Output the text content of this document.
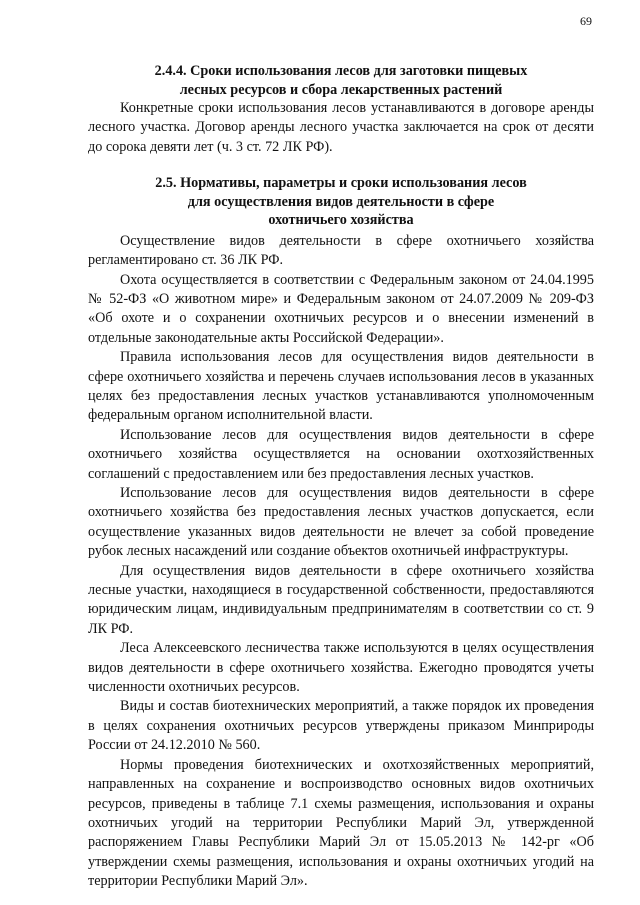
69
2.4.4. Сроки использования лесов для заготовки пищевых
лесных ресурсов и сбора лекарственных растений

Конкретные сроки использования лесов устанавливаются в договоре аренды лесного участка. Договор аренды лесного участка заключается на срок от десяти до сорока девяти лет (ч. 3 ст. 72 ЛК РФ).

2.5. Нормативы, параметры и сроки использования лесов
для осуществления видов деятельности в сфере
охотничьего хозяйства

Осуществление видов деятельности в сфере охотничьего хозяйства регламентировано ст. 36 ЛК РФ.

Охота осуществляется в соответствии с Федеральным законом от 24.04.1995 № 52-ФЗ «О животном мире» и Федеральным законом от 24.07.2009 № 209-ФЗ «Об охоте и о сохранении охотничьих ресурсов и о внесении изменений в отдельные законодательные акты Российской Федерации».

Правила использования лесов для осуществления видов деятельности в сфере охотничьего хозяйства и перечень случаев использования лесов в указанных целях без предоставления лесных участков устанавливаются уполномоченным федеральным органом исполнительной власти.

Использование лесов для осуществления видов деятельности в сфере охотничьего хозяйства осуществляется на основании охотхозяйственных соглашений с предоставлением или без предоставления лесных участков.

Использование лесов для осуществления видов деятельности в сфере охотничьего хозяйства без предоставления лесных участков допускается, если осуществление указанных видов деятельности не влечет за собой проведение рубок лесных насаждений или создание объектов охотничьей инфраструктуры.

Для осуществления видов деятельности в сфере охотничьего хозяйства лесные участки, находящиеся в государственной собственности, предоставляются юридическим лицам, индивидуальным предпринимателям в соответствии со ст. 9 ЛК РФ.

Леса Алексеевского лесничества также используются в целях осуществления видов деятельности в сфере охотничьего хозяйства. Ежегодно проводятся учеты численности охотничьих ресурсов.

Виды и состав биотехнических мероприятий, а также порядок их проведения в целях сохранения охотничьих ресурсов утверждены приказом Минприроды России от 24.12.2010 № 560.

Нормы проведения биотехнических и охотхозяйственных мероприятий, направленных на сохранение и воспроизводство основных видов охотничьих ресурсов, приведены в таблице 7.1 схемы размещения, использования и охраны охотничьих угодий на территории Республики Марий Эл, утвержденной распоряжением Главы Республики Марий Эл от 15.05.2013 № 142-рг «Об утверждении схемы размещения, использования и охраны охотничьих угодий на территории Республики Марий Эл».
